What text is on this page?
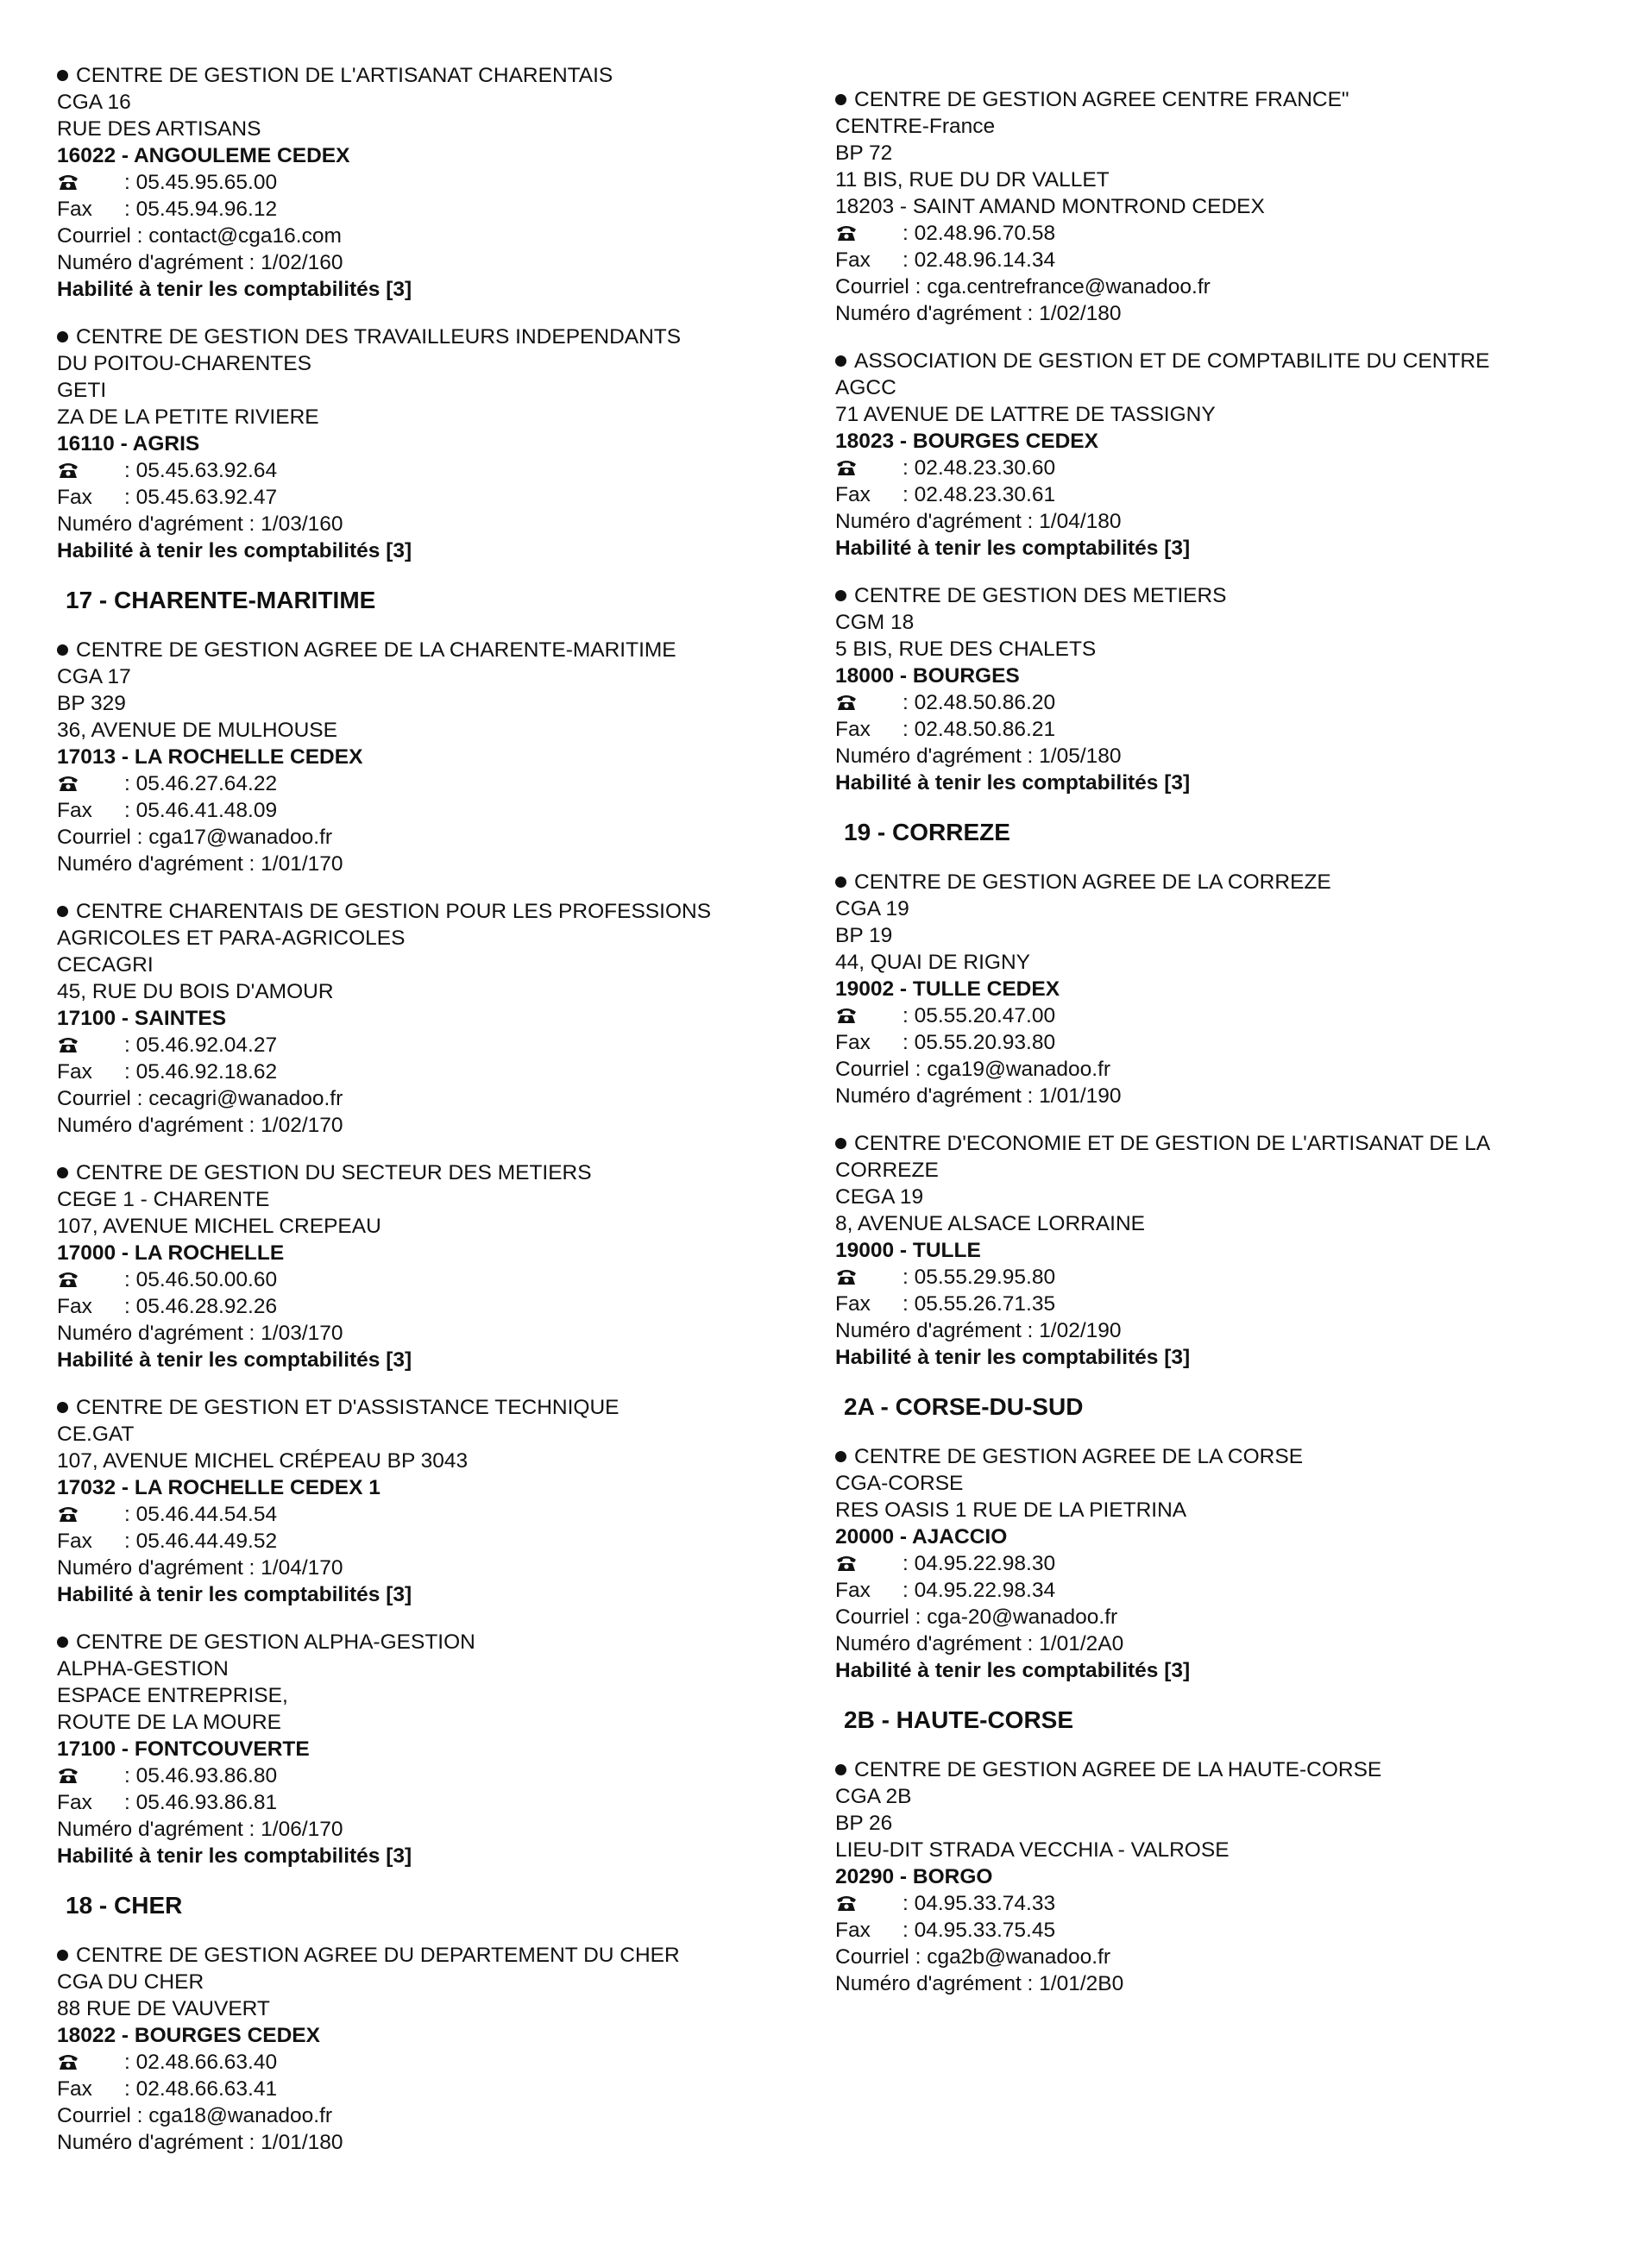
CENTRE DE GESTION DE L'ARTISANAT CHARENTAIS
CGA 16
RUE DES ARTISANS
16022 - ANGOULEME CEDEX
: 05.45.95.65.00
Fax : 05.45.94.96.12
Courriel : contact@cga16.com
Numéro d'agrément : 1/02/160
Habilité à tenir les comptabilités [3]
CENTRE DE GESTION DES TRAVAILLEURS INDEPENDANTS
DU POITOU-CHARENTES
GETI
ZA DE LA PETITE RIVIERE
16110 - AGRIS
: 05.45.63.92.64
Fax : 05.45.63.92.47
Numéro d'agrément : 1/03/160
Habilité à tenir les comptabilités [3]
17 - CHARENTE-MARITIME
CENTRE DE GESTION AGREE DE LA CHARENTE-MARITIME
CGA 17
BP 329
36, AVENUE DE MULHOUSE
17013 - LA ROCHELLE CEDEX
: 05.46.27.64.22
Fax : 05.46.41.48.09
Courriel : cga17@wanadoo.fr
Numéro d'agrément : 1/01/170
CENTRE CHARENTAIS DE GESTION POUR LES PROFESSIONS
AGRICOLES ET PARA-AGRICOLES
CECAGRI
45, RUE DU BOIS D'AMOUR
17100 - SAINTES
: 05.46.92.04.27
Fax : 05.46.92.18.62
Courriel : cecagri@wanadoo.fr
Numéro d'agrément : 1/02/170
CENTRE DE GESTION DU SECTEUR DES METIERS
CEGE 1 - CHARENTE
107, AVENUE MICHEL CREPEAU
17000 - LA ROCHELLE
: 05.46.50.00.60
Fax : 05.46.28.92.26
Numéro d'agrément : 1/03/170
Habilité à tenir les comptabilités [3]
CENTRE DE GESTION ET D'ASSISTANCE TECHNIQUE
CE.GAT
107, AVENUE MICHEL CRÉPEAU BP 3043
17032 - LA ROCHELLE CEDEX 1
: 05.46.44.54.54
Fax : 05.46.44.49.52
Numéro d'agrément : 1/04/170
Habilité à tenir les comptabilités [3]
CENTRE DE GESTION ALPHA-GESTION
ALPHA-GESTION
ESPACE ENTREPRISE,
ROUTE DE LA MOURE
17100 - FONTCOUVERTE
: 05.46.93.86.80
Fax : 05.46.93.86.81
Numéro d'agrément : 1/06/170
Habilité à tenir les comptabilités [3]
18 - CHER
CENTRE DE GESTION AGREE DU DEPARTEMENT DU CHER
CGA DU CHER
88 RUE DE VAUVERT
18022 - BOURGES CEDEX
: 02.48.66.63.40
Fax : 02.48.66.63.41
Courriel : cga18@wanadoo.fr
Numéro d'agrément : 1/01/180
CENTRE DE GESTION AGREE CENTRE FRANCE"
CENTRE-France
BP 72
11 BIS, RUE DU DR VALLET
18203 - SAINT AMAND MONTROND CEDEX
: 02.48.96.70.58
Fax : 02.48.96.14.34
Courriel : cga.centrefrance@wanadoo.fr
Numéro d'agrément : 1/02/180
ASSOCIATION DE GESTION ET DE COMPTABILITE DU CENTRE
AGCC
71 AVENUE DE LATTRE DE TASSIGNY
18023 - BOURGES CEDEX
: 02.48.23.30.60
Fax : 02.48.23.30.61
Numéro d'agrément : 1/04/180
Habilité à tenir les comptabilités [3]
CENTRE DE GESTION DES METIERS
CGM 18
5 BIS, RUE DES CHALETS
18000 - BOURGES
: 02.48.50.86.20
Fax : 02.48.50.86.21
Numéro d'agrément : 1/05/180
Habilité à tenir les comptabilités [3]
19 - CORREZE
CENTRE DE GESTION AGREE DE LA CORREZE
CGA 19
BP 19
44, QUAI DE RIGNY
19002 - TULLE CEDEX
: 05.55.20.47.00
Fax : 05.55.20.93.80
Courriel : cga19@wanadoo.fr
Numéro d'agrément : 1/01/190
CENTRE D'ECONOMIE ET DE GESTION DE L'ARTISANAT DE LA
CORREZE
CEGA 19
8, AVENUE ALSACE LORRAINE
19000 - TULLE
: 05.55.29.95.80
Fax : 05.55.26.71.35
Numéro d'agrément : 1/02/190
Habilité à tenir les comptabilités [3]
2A - CORSE-DU-SUD
CENTRE DE GESTION AGREE DE LA CORSE
CGA-CORSE
RES OASIS 1 RUE DE LA PIETRINA
20000 - AJACCIO
: 04.95.22.98.30
Fax : 04.95.22.98.34
Courriel : cga-20@wanadoo.fr
Numéro d'agrément : 1/01/2A0
Habilité à tenir les comptabilités [3]
2B - HAUTE-CORSE
CENTRE DE GESTION AGREE DE LA HAUTE-CORSE
CGA 2B
BP 26
LIEU-DIT STRADA VECCHIA - VALROSE
20290 - BORGO
: 04.95.33.74.33
Fax : 04.95.33.75.45
Courriel : cga2b@wanadoo.fr
Numéro d'agrément : 1/01/2B0
